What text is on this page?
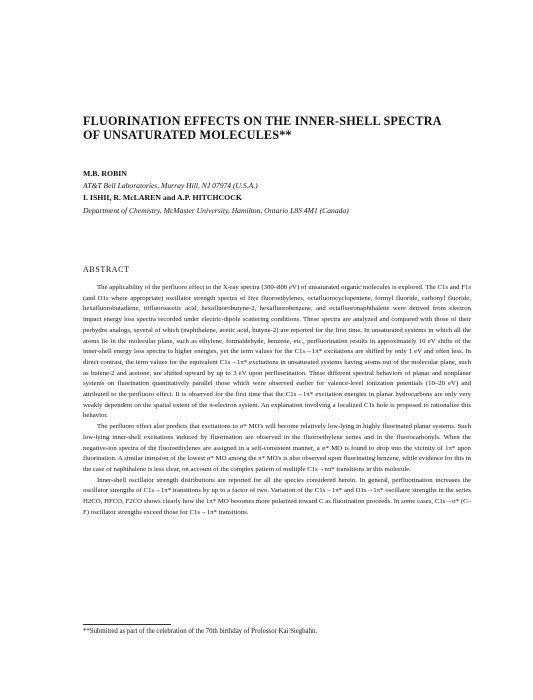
FLUORINATION EFFECTS ON THE INNER-SHELL SPECTRA
OF UNSATURATED MOLECULES**
M.B. ROBIN
AT&T Bell Laboratories, Murray Hill, NJ 07974 (U.S.A.)
I. ISHII, R. McLAREN and A.P. HITCHCOCK
Department of Chemistry, McMaster University, Hamilton, Ontario L8S 4M1 (Canada)
ABSTRACT

The applicability of the perfluoro effect to the X-ray spectra (300–800 eV) of unsaturated organic molecules is explored. The C1s and F1s (and O1s where appropriate) oscillator strength spectra of five fluoroethylenes, octafluorocyclopentene, formyl fluoride, carbonyl fluoride, hexafluorobutadiene, trifluoroacetic acid, hexafluorobutyne-2, hexafluorobenzene, and octafluoronaphthalene were derived from electron impact energy loss spectra recorded under electric-dipole scattering conditions. These spectra are analyzed and compared with those of their perhydro analogs, several of which (naphthalene, acetic acid, butyne-2) are reported for the first time. In unsaturated systems in which all the atoms lie in the molecular plane, such as ethylene, formaldehyde, benzene, etc., perfluorination results in approximately 10 eV shifts of the inner-shell energy loss spectra to higher energies, yet the term values for the C1s→1π* excitations are shifted by only 1 eV and often less. In direct contrast, the term values for the equivalent C1s→1π* excitations in unsaturated systems having atoms out of the molecular plane, such as butene-2 and acetone, are shifted upward by up to 3 eV upon perfluorination. These different spectral behaviors of planar and nonplanar systems on fluorination quantitatively parallel those which were observed earlier for valence-level ionization potentials (10–20 eV) and attributed to the perfluoro effect. It is observed for the first time that the C1s→1π* excitation energies in planar hydrocarbons are only very weakly dependent on the spatial extent of the π-electron system. An explanation involving a localized C1s hole is proposed to rationalize this behavior.

The perfluoro effect also predicts that excitations to σ* MO's will become relatively low-lying in highly fluorinated planar systems. Such low-lying inner-shell excitations induced by fluorination are observed in the fluoroethylene series and in the fluorocarbonyls. When the negative-ion spectra of the fluoroethylenes are assigned in a self-consistent manner, a σ* MO is found to drop into the vicinity of 1π* upon fluorination. A similar intrusion of the lowest σ* MO among the π* MO's is also observed upon fluorinating benzene, while evidence for this in the case of naphthalene is less clear, on account of the complex pattern of multiple C1s→nπ* transitions in this molecule.

Inner-shell oscillator strength distributions are reported for all the species considered herein. In general, perfluorination increases the oscillator strengths of C1s→1π* transitions by up to a factor of two. Variation of the C1s→1π* and O1s→1π* oscillator strengths in the series H2CO, HFCO, F2CO shows clearly how the 1π* MO becomes more polarized toward C as fluorination proceeds. In some cases, C1s→σ* (C–F) oscillator strengths exceed those for C1s→1π* transitions.

**Submitted as part of the celebration of the 70th birthday of Professor Kai Siegbahn.
